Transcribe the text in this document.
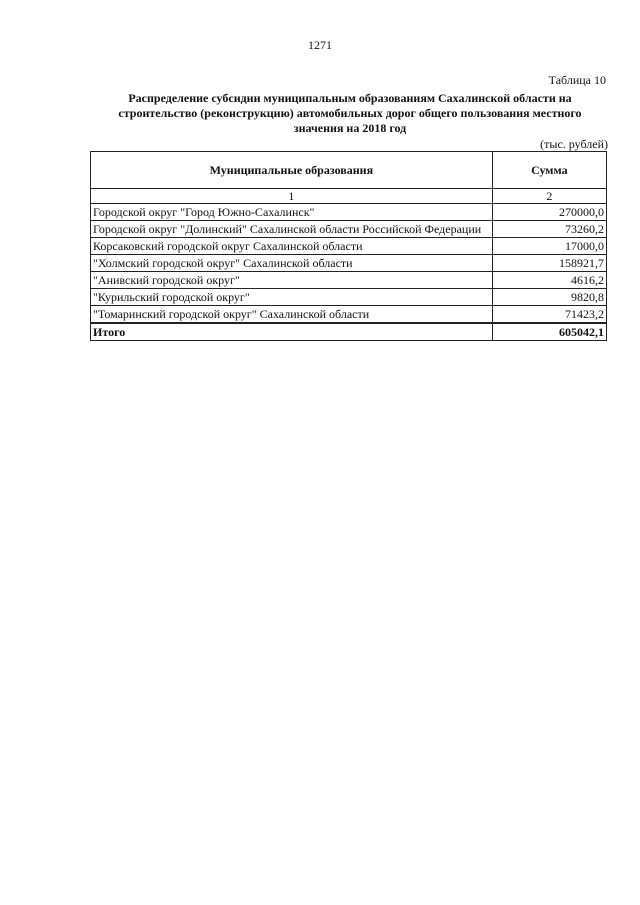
1271
Таблица 10
Распределение субсидии муниципальным образованиям Сахалинской области на строительство (реконструкцию) автомобильных дорог общего пользования местного значения на 2018 год
(тыс. рублей)
Муниципальные образования	Сумма
1	2
Городской округ "Город Южно-Сахалинск"	270000,0
Городской округ "Долинский" Сахалинской области Российской Федерации	73260,2
Корсаковский городской округ Сахалинской области	17000,0
"Холмский городской округ" Сахалинской области	158921,7
"Анивский городской округ"	4616,2
"Курильский городской округ"	9820,8
"Томаринский городской округ" Сахалинской области	71423,2
Итого	605042,1
